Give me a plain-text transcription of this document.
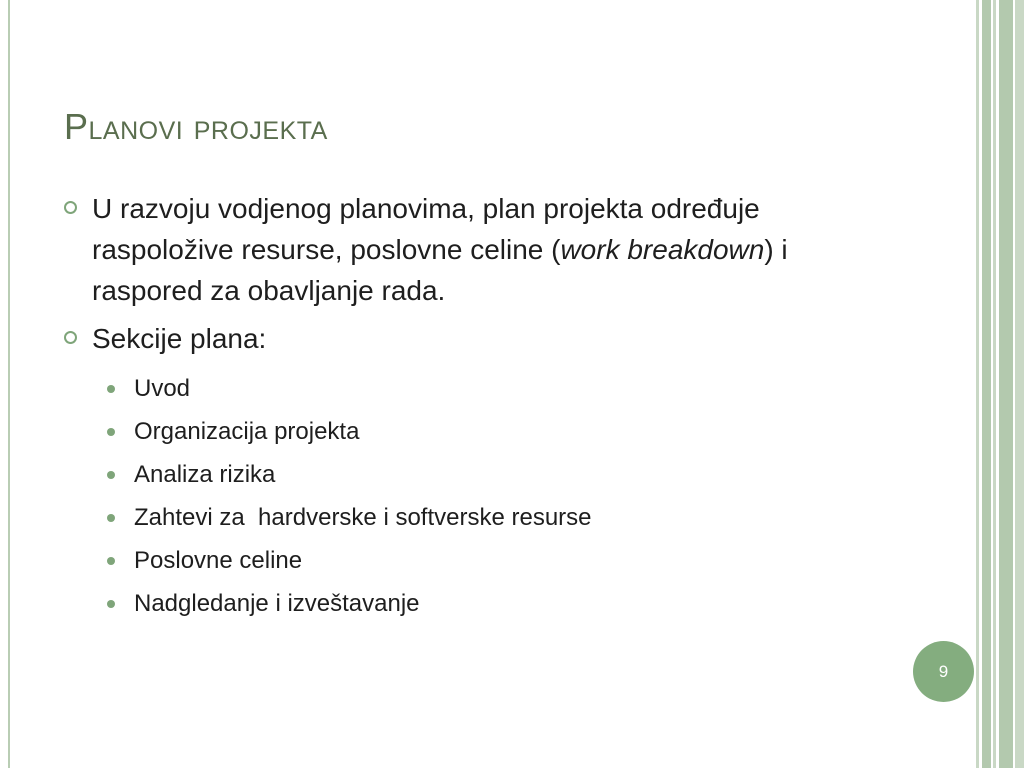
Planovi projekta
U razvoju vodjenog planovima, plan projekta određuje raspoložive resurse, poslovne celine (work breakdown) i raspored za obavljanje rada.
Sekcije plana:
Uvod
Organizacija projekta
Analiza rizika
Zahtevi za  hardverske i softverske resurse
Poslovne celine
Nadgledanje i izveštavanje
9
